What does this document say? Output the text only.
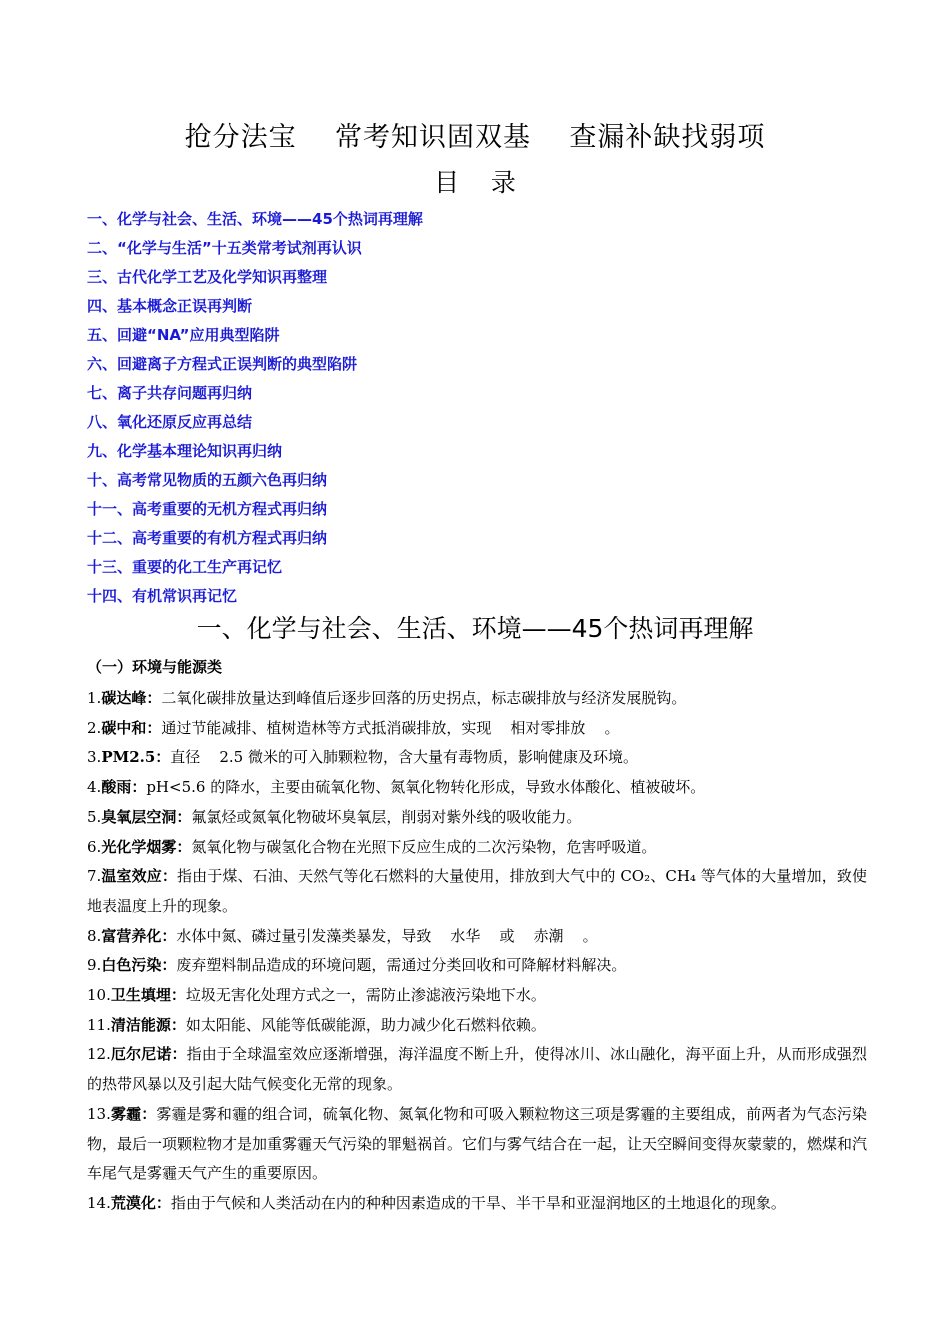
抢分法宝    常考知识固双基    查漏补缺找弱项
目    录
一、化学与社会、生活、环境——45个热词再理解
二、“化学与生活”十五类常考试剂再认识
三、古代化学工艺及化学知识再整理
四、基本概念正误再判断
五、回避“NA”应用典型陷阱
六、回避离子方程式正误判断的典型陷阱
七、离子共存问题再归纳
八、氧化还原反应再总结
九、化学基本理论知识再归纳
十、高考常见物质的五颜六色再归纳
十一、高考重要的无机方程式再归纳
十二、高考重要的有机方程式再归纳
十三、重要的化工生产再记忆
十四、有机常识再记忆
一、化学与社会、生活、环境——45个热词再理解
（一）环境与能源类
1.碳达峰：二氧化碳排放量达到峰值后逐步回落的历史拐点，标志碳排放与经济发展脱钩。
2.碳中和：通过节能减排、植树造林等方式抵消碳排放，实现    相对零排放    。
3.PM2.5：直径    2.5 微米的可入肺颗粒物，含大量有毒物质，影响健康及环境。
4.酸雨：pH<5.6 的降水，主要由硫氧化物、氮氧化物转化形成，导致水体酸化、植被破坏。
5.臭氧层空洞：氟氯烃或氮氧化物破坏臭氧层，削弱对紫外线的吸收能力。
6.光化学烟雾：氮氧化物与碳氢化合物在光照下反应生成的二次污染物，危害呼吸道。
7.温室效应：指由于煤、石油、天然气等化石燃料的大量使用，排放到大气中的 CO₂、CH₄ 等气体的大量增加，致使地表温度上升的现象。
8.富营养化：水体中氮、磷过量引发藻类暴发，导致    水华    或    赤潮    。
9.白色污染：废弃塑料制品造成的环境问题，需通过分类回收和可降解材料解决。
10.卫生填埋：垃圾无害化处理方式之一，需防止渗滤液污染地下水。
11.清洁能源：如太阳能、风能等低碳能源，助力减少化石燃料依赖。
12.厄尔尼诺：指由于全球温室效应逐渐增强，海洋温度不断上升，使得冰川、冰山融化，海平面上升，从而形成强烈的热带风暴以及引起大陆气候变化无常的现象。
13.雾霾：雾霾是雾和霾的组合词，硫氧化物、氮氧化物和可吸入颗粒物这三项是雾霾的主要组成，前两者为气态污染物，最后一项颗粒物才是加重雾霾天气污染的罪魁祸首。它们与雾气结合在一起，让天空瞬间变得灰蒙蒙的，燃煤和汽车尾气是雾霾天气产生的重要原因。
14.荒漠化：指由于气候和人类活动在内的种种因素造成的干旱、半干旱和亚湿润地区的土地退化的现象。
